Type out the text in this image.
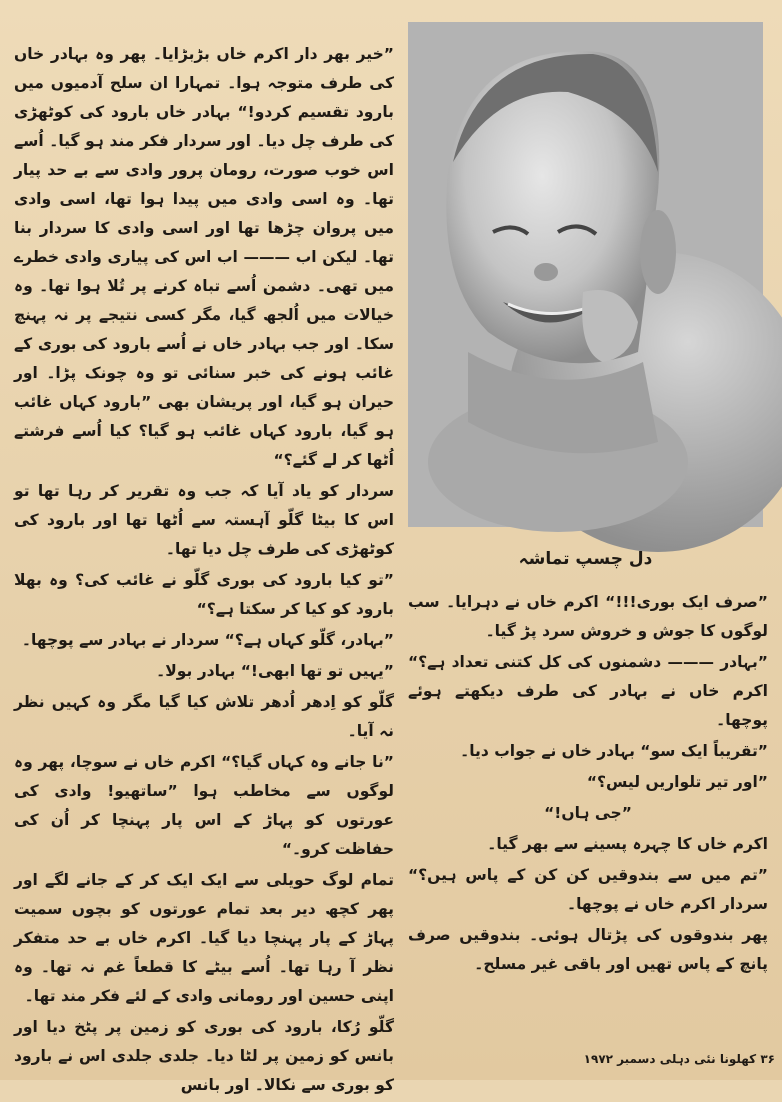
”خیر بھر دار اکرم خاں بڑبڑایا۔ پھر وہ بہادر خاں کی طرف متوجہ ہوا۔ تمہارا ان سلح آدمیوں میں بارود تقسیم کردو!“ بہادر خاں بارود کی کوٹھڑی کی طرف چل دیا۔ اور سردار فکر مند ہو گیا۔ اُسے اس خوب صورت، رومان پرور وادی سے بے حد پیار تھا۔ وہ اسی وادی میں پیدا ہوا تھا، اسی وادی میں پروان چڑھا تھا اور اسی وادی کا سردار بنا تھا۔ لیکن اب ——— اب اس کی پیاری وادی خطرے میں تھی۔ دشمن اُسے تباہ کرنے پر تُلا ہوا تھا۔ وہ خیالات میں اُلجھ گیا، مگر کسی نتیجے پر نہ پہنچ سکا۔ اور جب بہادر خاں نے اُسے بارود کی بوری کے غائب ہونے کی خبر سنائی تو وہ چونک پڑا۔ اور حیران ہو گیا، اور پریشان بھی ”بارود کہاں غائب ہو گیا، بارود کہاں غائب ہو گیا؟ کیا اُسے فرشتے اُٹھا کر لے گئے؟“

سردار کو یاد آیا کہ جب وہ تقریر کر رہا تھا تو اس کا بیٹا گلّو آہستہ سے اُٹھا تھا اور بارود کی کوٹھڑی کی طرف چل دیا تھا۔

”تو کیا بارود کی بوری گلّو نے غائب کی؟ وہ بھلا بارود کو کیا کر سکتا ہے؟“

”بہادر، گلّو کہاں ہے؟“ سردار نے بہادر سے پوچھا۔

”یہیں تو تھا ابھی!“ بہادر بولا۔

گلّو کو اِدھر اُدھر تلاش کیا گیا مگر وہ کہیں نظر نہ آیا۔

”نا جانے وہ کہاں گیا؟“ اکرم خاں نے سوچا، پھر وہ لوگوں سے مخاطب ہوا ”ساتھیو! وادی کی عورتوں کو پہاڑ کے اس پار پہنچا کر اُن کی حفاظت کرو۔“

تمام لوگ حویلی سے ایک ایک کر کے جانے لگے اور پھر کچھ دیر بعد تمام عورتوں کو بچوں سمیت پہاڑ کے پار پہنچا دیا گیا۔ اکرم خاں بے حد متفکر نظر آ رہا تھا۔ اُسے بیٹے کا قطعاً غم نہ تھا۔ وہ اپنی حسین اور رومانی وادی کے لئے فکر مند تھا۔

گلّو رُکا، بارود کی بوری کو زمین پر پٹخ دیا اور بانس کو زمین پر لٹا دیا۔ جلدی جلدی اس نے بارود کو بوری سے نکالا۔ اور بانس

دل چسپ تماشہ

”صرف ایک بوری!!!“ اکرم خاں نے دہرایا۔ سب لوگوں کا جوش و خروش سرد پڑ گیا۔

”بہادر ——— دشمنوں کی کل کتنی تعداد ہے؟“ اکرم خاں نے بہادر کی طرف دیکھتے ہوئے پوچھا۔

”تقریباً ایک سو“ بہادر خاں نے جواب دیا۔

”اور تیر تلواریں لیس؟“

”جی ہاں!“

اکرم خاں کا چہرہ پسینے سے بھر گیا۔

”تم میں سے بندوقیں کن کن کے پاس ہیں؟“ سردار اکرم خاں نے پوچھا۔

پھر بندوقوں کی پڑتال ہوئی۔ بندوقیں صرف پانچ کے پاس تھیں اور باقی غیر مسلح۔

۳۶ کھلونا نئی دہلی دسمبر ۱۹۷۲
